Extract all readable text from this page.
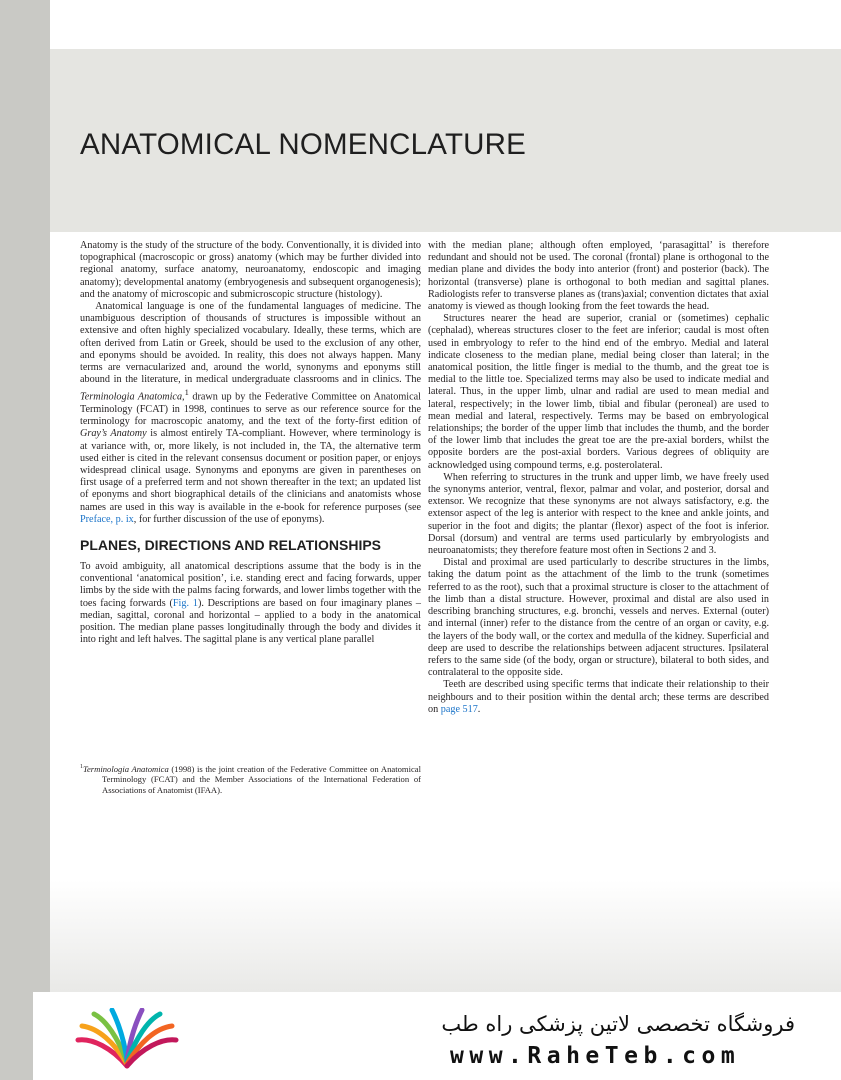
ANATOMICAL NOMENCLATURE

Anatomy is the study of the structure of the body. Conventionally, it is divided into topographical (macroscopic or gross) anatomy (which may be further divided into regional anatomy, surface anatomy, neuroanatomy, endoscopic and imaging anatomy); developmental anatomy (embryogenesis and subsequent organogenesis); and the anatomy of microscopic and submicroscopic structure (histology).

Anatomical language is one of the fundamental languages of medicine. The unambiguous description of thousands of structures is impossible without an extensive and often highly specialized vocabulary. Ideally, these terms, which are often derived from Latin or Greek, should be used to the exclusion of any other, and eponyms should be avoided. In reality, this does not always happen. Many terms are vernacularized and, around the world, synonyms and eponyms still abound in the literature, in medical undergraduate classrooms and in clinics. The Terminologia Anatomica,$^1$ drawn up by the Federative Committee on Anatomical Terminology (FCAT) in 1998, continues to serve as our reference source for the terminology for macroscopic anatomy, and the text of the forty-first edition of Gray’s Anatomy is almost entirely TA-compliant. However, where terminology is at variance with, or, more likely, is not included in, the TA, the alternative term used either is cited in the relevant consensus document or position paper, or enjoys widespread clinical usage. Synonyms and eponyms are given in parentheses on first usage of a preferred term and not shown thereafter in the text; an updated list of eponyms and short biographical details of the clinicians and anatomists whose names are used in this way is available in the e-book for reference purposes (see Preface, p. ix, for further discussion of the use of eponyms).

PLANES, DIRECTIONS AND RELATIONSHIPS

To avoid ambiguity, all anatomical descriptions assume that the body is in the conventional ‘anatomical position’, i.e. standing erect and facing forwards, upper limbs by the side with the palms facing forwards, and lower limbs together with the toes facing forwards (Fig. 1). Descriptions are based on four imaginary planes – median, sagittal, coronal and horizontal – applied to a body in the anatomical position. The median plane passes longitudinally through the body and divides it into right and left halves. The sagittal plane is any vertical plane parallel

$^1$Terminologia Anatomica (1998) is the joint creation of the Federative Committee on Anatomical Terminology (FCAT) and the Member Associations of the International Federation of Associations of Anatomist (IFAA).

with the median plane; although often employed, ‘parasagittal’ is therefore redundant and should not be used. The coronal (frontal) plane is orthogonal to the median plane and divides the body into anterior (front) and posterior (back). The horizontal (transverse) plane is orthogonal to both median and sagittal planes. Radiologists refer to transverse planes as (trans)axial; convention dictates that axial anatomy is viewed as though looking from the feet towards the head.

Structures nearer the head are superior, cranial or (sometimes) cephalic (cephalad), whereas structures closer to the feet are inferior; caudal is most often used in embryology to refer to the hind end of the embryo. Medial and lateral indicate closeness to the median plane, medial being closer than lateral; in the anatomical position, the little finger is medial to the thumb, and the great toe is medial to the little toe. Specialized terms may also be used to indicate medial and lateral. Thus, in the upper limb, ulnar and radial are used to mean medial and lateral, respectively; in the lower limb, tibial and fibular (peroneal) are used to mean medial and lateral, respectively. Terms may be based on embryological relationships; the border of the upper limb that includes the thumb, and the border of the lower limb that includes the great toe are the pre-axial borders, whilst the opposite borders are the post-axial borders. Various degrees of obliquity are acknowledged using compound terms, e.g. posterolateral.

When referring to structures in the trunk and upper limb, we have freely used the synonyms anterior, ventral, flexor, palmar and volar, and posterior, dorsal and extensor. We recognize that these synonyms are not always satisfactory, e.g. the extensor aspect of the leg is anterior with respect to the knee and ankle joints, and superior in the foot and digits; the plantar (flexor) aspect of the foot is inferior. Dorsal (dorsum) and ventral are terms used particularly by embryologists and neuroanatomists; they therefore feature most often in Sections 2 and 3.

Distal and proximal are used particularly to describe structures in the limbs, taking the datum point as the attachment of the limb to the trunk (sometimes referred to as the root), such that a proximal structure is closer to the attachment of the limb than a distal structure. However, proximal and distal are also used in describing branching structures, e.g. bronchi, vessels and nerves. External (outer) and internal (inner) refer to the distance from the centre of an organ or cavity, e.g. the layers of the body wall, or the cortex and medulla of the kidney. Superficial and deep are used to describe the relationships between adjacent structures. Ipsilateral refers to the same side (of the body, organ or structure), bilateral to both sides, and contralateral to the opposite side.

Teeth are described using specific terms that indicate their relationship to their neighbours and to their position within the dental arch; these terms are described on page 517.

فروشگاه تخصصی لاتین پزشکی راه طب
www.RaheTeb.com
